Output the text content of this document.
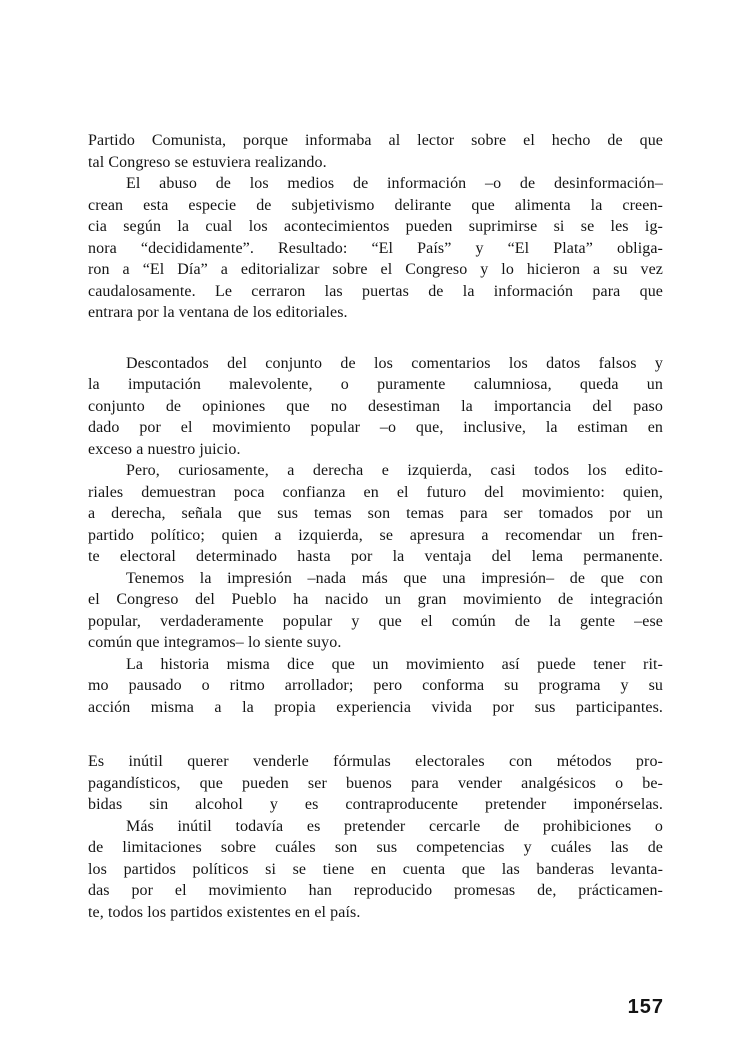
Partido Comunista, porque informaba al lector sobre el hecho de que
tal Congreso se estuviera realizando.
El abuso de los medios de información –o de desinformación–
crean esta especie de subjetivismo delirante que alimenta la creen-
cia según la cual los acontecimientos pueden suprimirse si se les ig-
nora “decididamente”. Resultado: “El País” y “El Plata” obliga-
ron a “El Día” a editorializar sobre el Congreso y lo hicieron a su vez
caudalosamente. Le cerraron las puertas de la información para que
entrara por la ventana de los editoriales.
Descontados del conjunto de los comentarios los datos falsos y
la imputación malevolente, o puramente calumniosa, queda un
conjunto de opiniones que no desestiman la importancia del paso
dado por el movimiento popular –o que, inclusive, la estiman en
exceso a nuestro juicio.
Pero, curiosamente, a derecha e izquierda, casi todos los edito-
riales demuestran poca confianza en el futuro del movimiento: quien,
a derecha, señala que sus temas son temas para ser tomados por un
partido político; quien a izquierda, se apresura a recomendar un fren-
te electoral determinado hasta por la ventaja del lema permanente.
Tenemos la impresión –nada más que una impresión– de que con
el Congreso del Pueblo ha nacido un gran movimiento de integración
popular, verdaderamente popular y que el común de la gente –ese
común que integramos– lo siente suyo.
La historia misma dice que un movimiento así puede tener rit-
mo pausado o ritmo arrollador; pero conforma su programa y su
acción misma a la propia experiencia vivida por sus participantes.
Es inútil querer venderle fórmulas electorales con métodos pro-
pagandísticos, que pueden ser buenos para vender analgésicos o be-
bidas sin alcohol y es contraproducente pretender imponérselas.
Más inútil todavía es pretender cercarle de prohibiciones o
de limitaciones sobre cuáles son sus competencias y cuáles las de
los partidos políticos si se tiene en cuenta que las banderas levanta-
das por el movimiento han reproducido promesas de, prácticamen-
te, todos los partidos existentes en el país.
157
